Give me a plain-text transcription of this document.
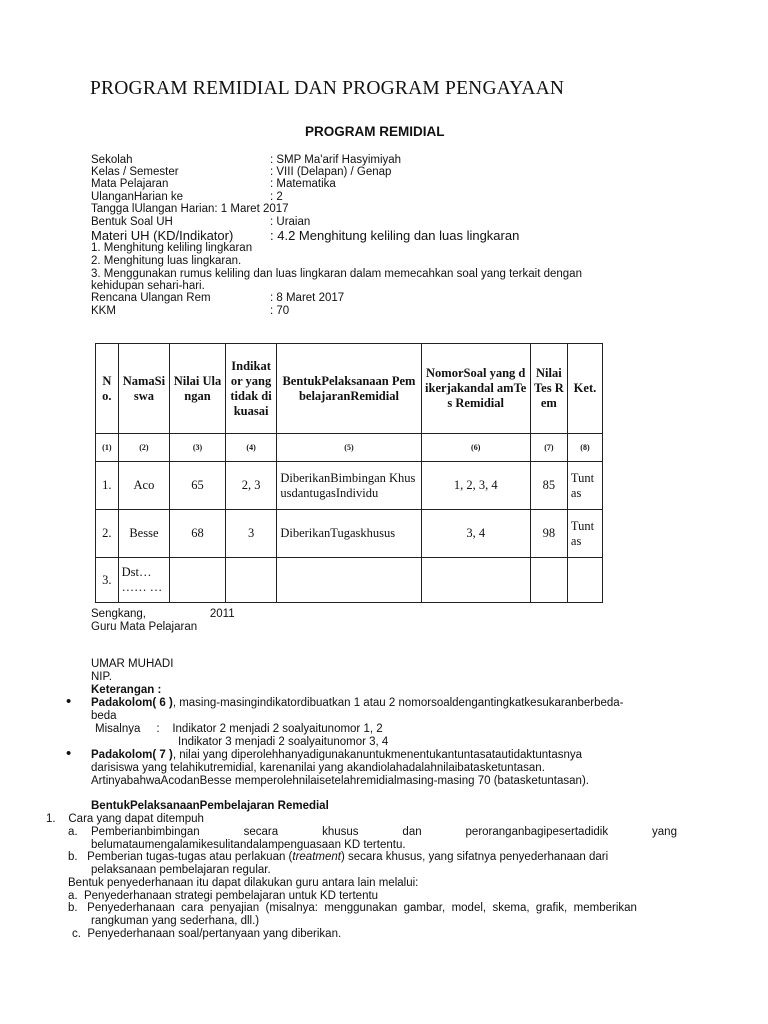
PROGRAM REMIDIAL DAN PROGRAM PENGAYAAN
PROGRAM REMIDIAL
Sekolah	: SMP Ma'arif Hasyimiyah
Kelas / Semester	: VIII (Delapan) / Genap
Mata Pelajaran	: Matematika
UlanganHarian ke	: 2
Tangga lUlangan Harian: 1 Maret 2017
Bentuk Soal UH	: Uraian
Materi UH (KD/Indikator)	: 4.2 Menghitung keliling dan luas lingkaran
1. Menghitung keliling lingkaran
2. Menghitung luas lingkaran.
3. Menggunakan rumus keliling dan luas lingkaran dalam memecahkan soal yang terkait dengan
kehidupan sehari-hari.
Rencana Ulangan Rem	: 8 Maret 2017
KKM	: 70
No.	NamaSiswa	Nilai Ulangan	Indikator yang tidak dikuasai	BentukPelaksanaan PembelajaranRemidial	NomorSoal yang dikerjakandal amTes Remidial	NilaiTes Rem	Ket.
(1)	(2)	(3)	(4)	(5)	(6)	(7)	(8)
1.	Aco	65	2, 3	DiberikanBimbingan KhususdantugasIndividu	1, 2, 3, 4	85	Tuntas
2.	Besse	68	3	DiberikanTugaskhusus	3, 4	98	Tuntas
3.	Dst… …… …						
Sengkang,                    2011
Guru Mata Pelajaran
UMAR MUHADI
NIP.
Keterangan :
• Padakolom( 6 ), masing-masingindikatordibuatkan 1 atau 2 nomorsoaldengantingkatkesukaranberbeda-
beda
Misalnya     :    Indikator 2 menjadi 2 soalyaitunomor 1, 2
Indikator 3 menjadi 2 soalyaitunomor 3, 4
• Padakolom( 7 ), nilai yang diperolehhanyadigunakanuntukmenentukantuntasatautidaktuntasnya
darisiswa yang telahikutremidial, karenanilai yang akandiolahadalahnilaibatasketuntasan.
ArtinyabahwaAcodanBesse memperolehnilaisetelahremidialmasing-masing 70 (batasketuntasan).
BentukPelaksanaanPembelajaran Remedial
1.    Cara yang dapat ditempuh
a. Pemberianbimbingan	secara	khusus	dan	peroranganbagipesertadidik	yang
belumataumengalamikesulitandalampenguasaan KD tertentu.
b.   Pemberian tugas-tugas atau perlakuan (treatment) secara khusus, yang sifatnya penyederhanaan dari
pelaksanaan pembelajaran regular.
Bentuk penyederhanaan itu dapat dilakukan guru antara lain melalui:
a.  Penyederhanaan strategi pembelajaran untuk KD tertentu
b.   Penyederhanaan  cara  penyajian  (misalnya:  menggunakan  gambar,  model,  skema,  grafik,  memberikan
rangkuman yang sederhana, dll.)
c.  Penyederhanaan soal/pertanyaan yang diberikan.
